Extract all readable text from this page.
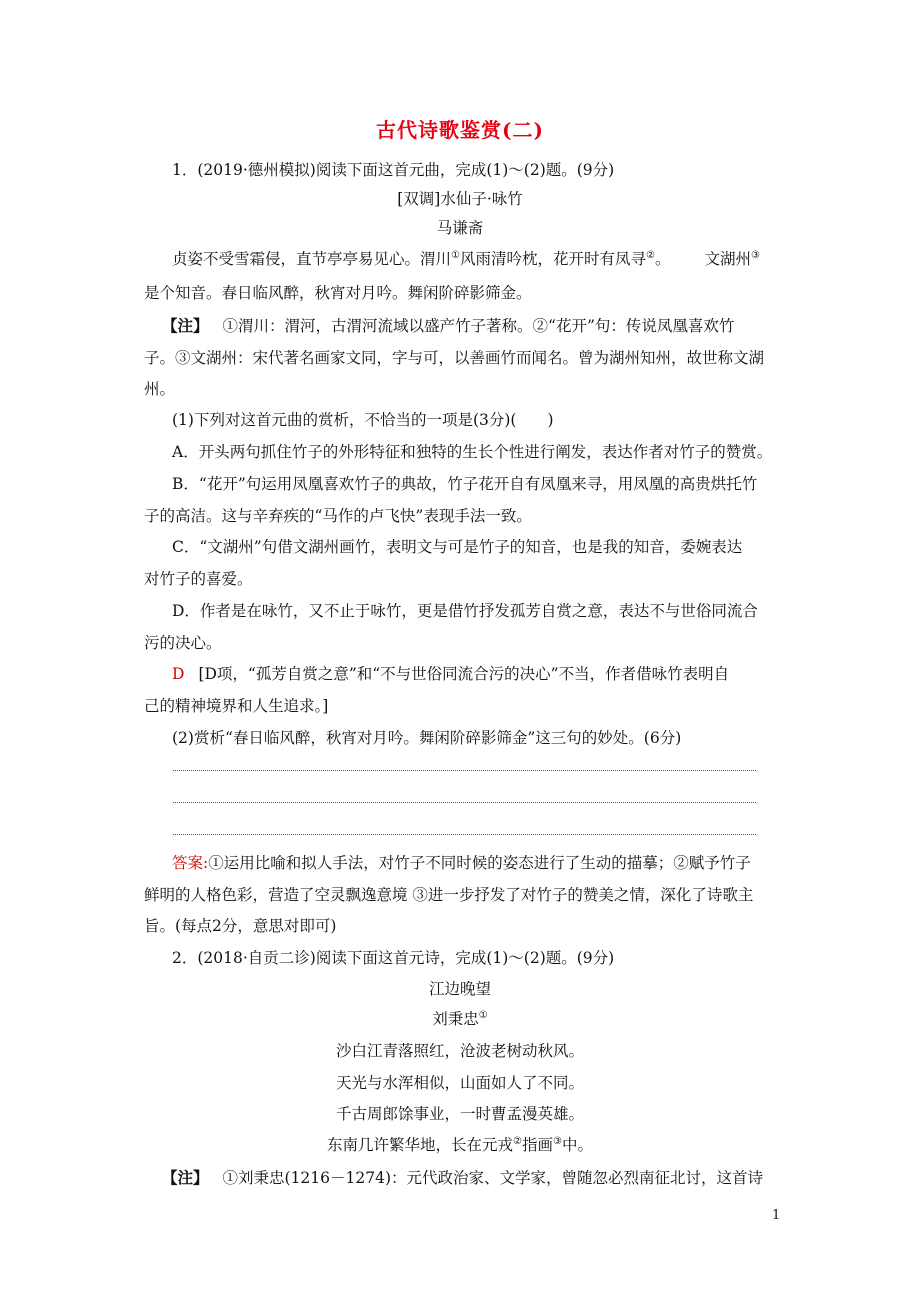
古代诗歌鉴赏(二)
1．(2019·德州模拟)阅读下面这首元曲，完成(1)～(2)题。(9分)
[双调]水仙子·咏竹
马谦斋
贞姿不受雪霜侵，直节亭亭易见心。渭川①风雨清吟枕，花开时有凤寻②。 文湖州③
是个知音。春日临风醉，秋宵对月吟。舞闲阶碎影筛金。
【注】 ①渭川：渭河，古渭河流域以盛产竹子著称。②“花开”句：传说凤凰喜欢竹
子。③文湖州：宋代著名画家文同，字与可，以善画竹而闻名。曾为湖州知州，故世称文湖
州。
(1)下列对这首元曲的赏析，不恰当的一项是(3分)(　　)
A．开头两句抓住竹子的外形特征和独特的生长个性进行阐发，表达作者对竹子的赞赏。
B．“花开”句运用凤凰喜欢竹子的典故，竹子花开自有凤凰来寻，用凤凰的高贵烘托竹
子的高洁。这与辛弃疾的“马作的卢飞快”表现手法一致。
C．“文湖州”句借文湖州画竹，表明文与可是竹子的知音，也是我的知音，委婉表达
对竹子的喜爱。
D．作者是在咏竹，又不止于咏竹，更是借竹抒发孤芳自赏之意，表达不与世俗同流合
污的决心。
D [D项，“孤芳自赏之意”和“不与世俗同流合污的决心”不当，作者借咏竹表明自
己的精神境界和人生追求。]
(2)赏析“春日临风醉，秋宵对月吟。舞闲阶碎影筛金”这三句的妙处。(6分)
答案:①运用比喻和拟人手法，对竹子不同时候的姿态进行了生动的描摹；②赋予竹子
鲜明的人格色彩，营造了空灵飘逸意境 ③进一步抒发了对竹子的赞美之情，深化了诗歌主
旨。(每点2分，意思对即可)
2．(2018·自贡二诊)阅读下面这首元诗，完成(1)～(2)题。(9分)
江边晚望
刘秉忠①
沙白江青落照红，沧波老树动秋风。
天光与水浑相似，山面如人了不同。
千古周郎馀事业，一时曹孟漫英雄。
东南几许繁华地，长在元戎②指画③中。
【注】 ①刘秉忠(1216－1274)：元代政治家、文学家，曾随忽必烈南征北讨，这首诗
1
